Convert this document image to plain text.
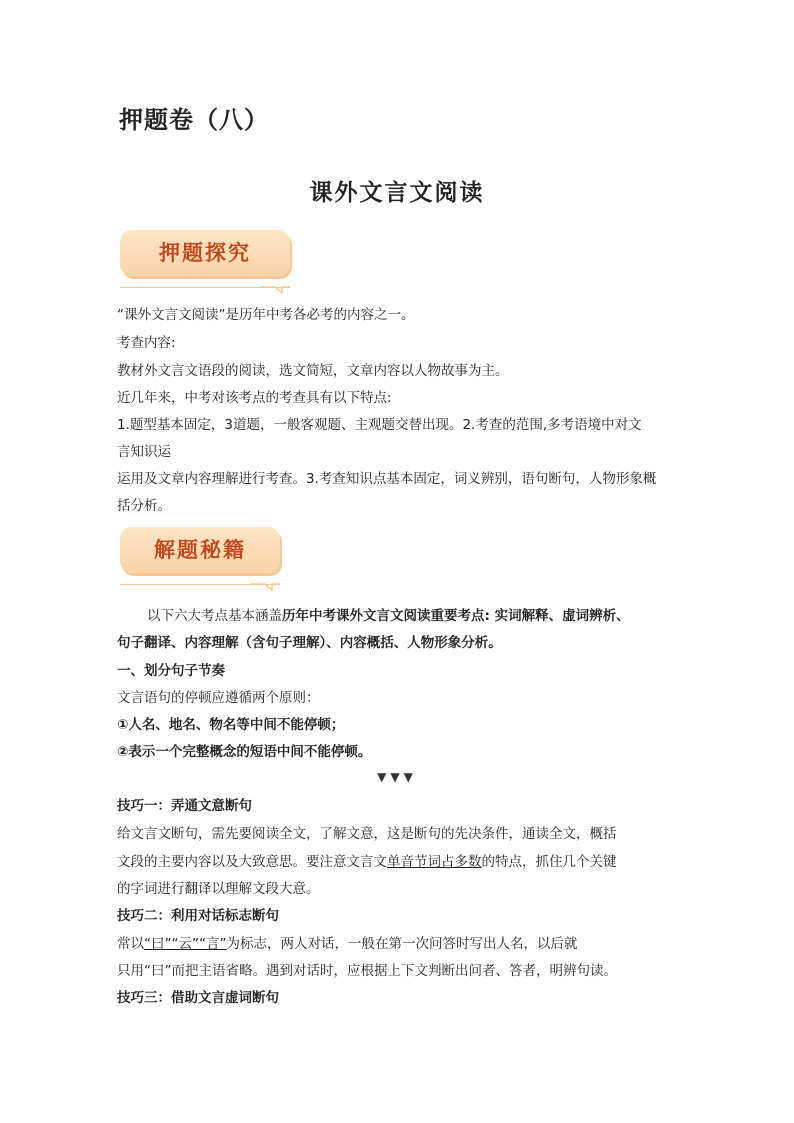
押题卷（八）
课外文言文阅读
押题探究
“课外文言文阅读”是历年中考各必考的内容之一。
考查内容:
教材外文言文语段的阅读，选文简短，文章内容以人物故事为主。
近几年来，中考对该考点的考查具有以下特点:
1.题型基本固定，3道题，一般客观题、主观题交替出现。2.考查的范围,多考语境中对文
言知识运
运用及文章内容理解进行考查。3.考查知识点基本固定，词义辨别，语句断句，人物形象概
括分析。
解题秘籍
以下六大考点基本涵盖历年中考课外文言文阅读重要考点: 实词解释、虚词辨析、
句子翻译、内容理解（含句子理解）、内容概括、人物形象分析。
一、划分句子节奏
文言语句的停顿应遵循两个原则：
①人名、地名、物名等中间不能停顿；
②表示一个完整概念的短语中间不能停顿。
▼▼▼
技巧一：弄通文意断句
给文言文断句，需先要阅读全文，了解文意，这是断句的先决条件，通读全文，概括
文段的主要内容以及大致意思。要注意文言文单音节词占多数的特点，抓住几个关键
的字词进行翻译以理解文段大意。
技巧二：利用对话标志断句
常以“曰”“云”“言”为标志，两人对话，一般在第一次问答时写出人名，以后就
只用“曰”而把主语省略。遇到对话时，应根据上下文判断出问者、答者，明辨句读。
技巧三：借助文言虚词断句
